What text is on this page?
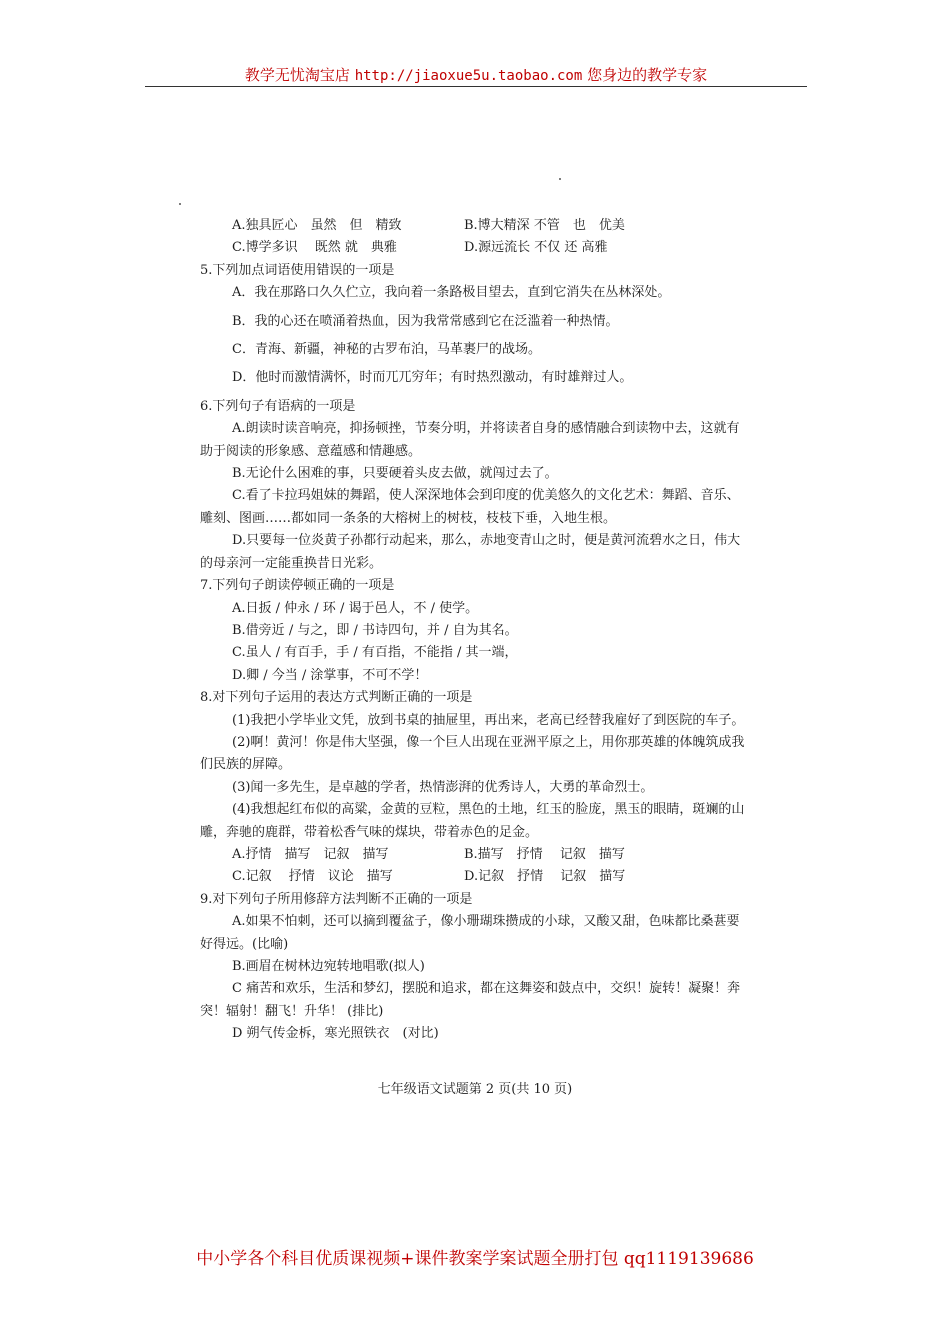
教学无忧淘宝店 http://jiaoxue5u.taobao.com 您身边的教学专家
A.独具匠心　虽然　但　精致	B.博大精深 不管　也　优美
C.博学多识　 既然 就　典雅	D.源远流长 不仅 还 高雅

5.下列加点词语使用错误的一项是

A．我在那路口久久伫立，我向着一条路极目望去，直到它消失在丛林深处。

B．我的心还在喷涌着热血，因为我常常感到它在泛滥着一种热情。

C．青海、新疆，神秘的古罗布泊，马革裹尸的战场。

D．他时而激情满怀，时而兀兀穷年；有时热烈激动，有时雄辩过人。

6.下列句子有语病的一项是

A.朗读时读音响亮，抑扬顿挫，节奏分明，并将读者自身的感情融合到读物中去，这就有助于阅读的形象感、意蕴感和情趣感。

B.无论什么困难的事，只要硬着头皮去做，就闯过去了。

C.看了卡拉玛姐妹的舞蹈，使人深深地体会到印度的优美悠久的文化艺术：舞蹈、音乐、雕刻、图画……都如同一条条的大榕树上的树枝，枝枝下垂，入地生根。

D.只要每一位炎黄子孙都行动起来，那么，赤地变青山之时，便是黄河流碧水之日，伟大的母亲河一定能重换昔日光彩。

7.下列句子朗读停顿正确的一项是

A.日扳 / 仲永 / 环 / 谒于邑人，不 / 使学。

B.借旁近 / 与之，即 / 书诗四句，并 / 自为其名。

C.虽人 / 有百手，手 / 有百指，不能指 / 其一端，

D.卿 / 今当 / 涂掌事，不可不学！

8.对下列句子运用的表达方式判断正确的一项是

(1)我把小学毕业文凭，放到书桌的抽屉里，再出来，老高已经替我雇好了到医院的车子。

(2)啊！黄河！你是伟大坚强，像一个巨人出现在亚洲平原之上，用你那英雄的体魄筑成我们民族的屏障。

(3)闻一多先生，是卓越的学者，热情澎湃的优秀诗人，大勇的革命烈士。

(4)我想起红布似的高粱，金黄的豆粒，黑色的土地，红玉的脸庞，黑玉的眼睛，斑斓的山雕，奔驰的鹿群，带着松香气味的煤块，带着赤色的足金。

A.抒情　描写　记叙　描写	B.描写　抒情　 记叙　描写
C.记叙　 抒情　议论　描写	D.记叙　抒情　 记叙　描写

9.对下列句子所用修辞方法判断不正确的一项是

A.如果不怕刺，还可以摘到覆盆子，像小珊瑚珠攒成的小球，又酸又甜，色味都比桑葚要好得远。(比喻)

B.画眉在树林边宛转地唱歌(拟人)

C 痛苦和欢乐，生活和梦幻，摆脱和追求，都在这舞姿和鼓点中，交织！旋转！凝聚！奔突！辐射！翻飞！升华！ (排比)

D 朔气传金柝，寒光照铁衣　(对比)

七年级语文试题第 2 页(共 10 页)
中小学各个科目优质课视频+课件教案学案试题全册打包 qq1119139686
